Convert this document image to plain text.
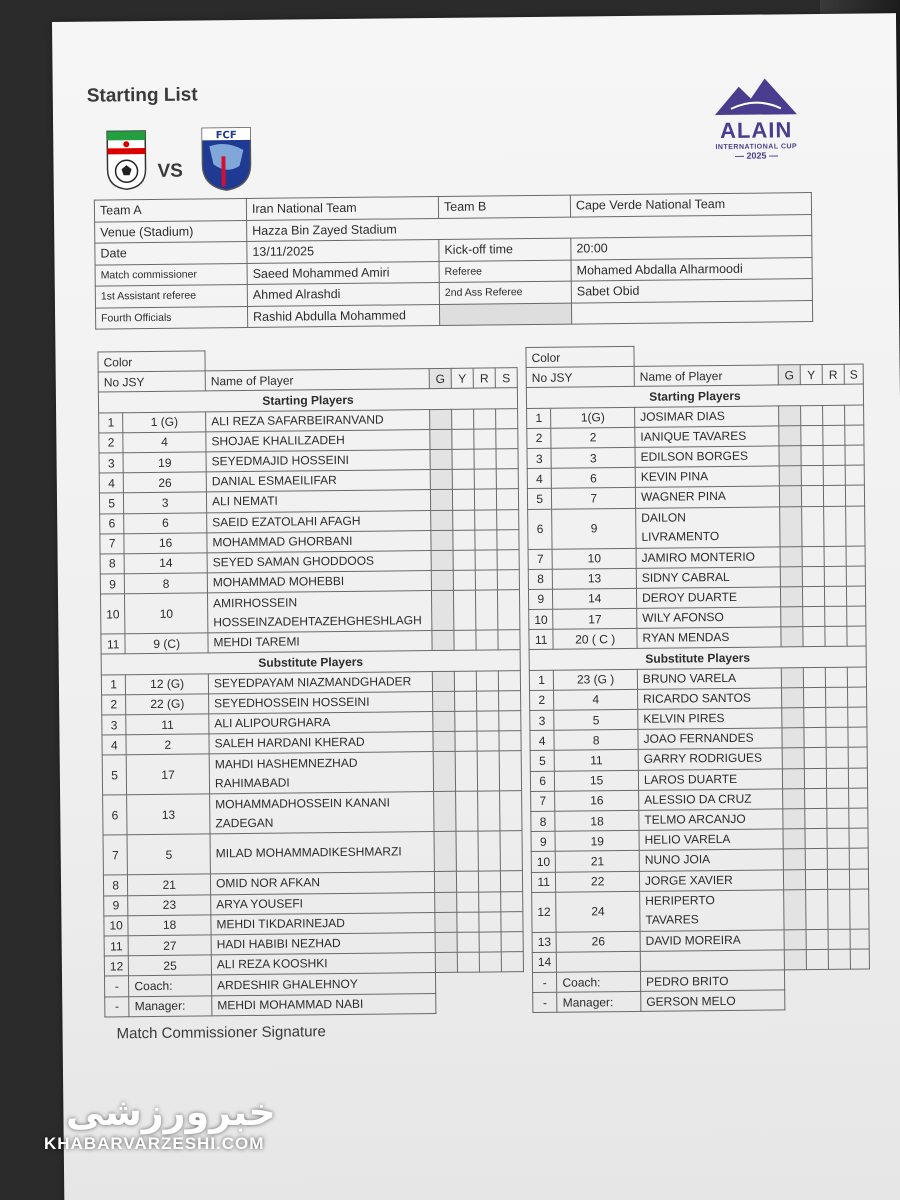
Starting List
VS
FCF	ALAIN
INTERNATIONAL CUP
— 2025 —
Team A	Iran National Team	Team B	Cape Verde National Team
Venue (Stadium)	Hazza Bin Zayed Stadium		
Date	13/11/2025	Kick-off time	20:00
Match commissioner	Saeed Mohammed Amiri	Referee	Mohamed Abdalla Alharmoodi
1st Assistant referee	Ahmed Alrashdi	2nd Ass Referee	Sabet Obid
Fourth Officials	Rashid Abdulla Mohammed		
Color						
No JSY		Name of Player	G	Y	R	S
Starting Players						
1	1 (G)	ALI REZA SAFARBEIRANVAND				

2	4	SHOJAE KHALILZADEH				

3	19	SEYEDMAJID HOSSEINI				

4	26	DANIAL ESMAEILIFAR				

5	3	ALI NEMATI				

6	6	SAEID EZATOLAHI AFAGH				

7	16	MOHAMMAD GHORBANI				

8	14	SEYED SAMAN GHODDOOS				

9	8	MOHAMMAD MOHEBBI				

10	10	AMIRHOSSEIN
HOSSEINZADEHTAZEHGHESHLAGH				

11	9 (C)	MEHDI TAREMI				

Substitute Players						
1	12 (G)	SEYEDPAYAM NIAZMANDGHADER				

2	22 (G)	SEYEDHOSSEIN HOSSEINI				

3	11	ALI ALIPOURGHARA				

4	2	SALEH HARDANI KHERAD				

5	17	MAHDI HASHEMNEZHAD
RAHIMABADI				

6	13	MOHAMMADHOSSEIN KANANI
ZADEGAN				

7	5	MILAD MOHAMMADIKESHMARZI				

8	21	OMID NOR AFKAN				

9	23	ARYA YOUSEFI				

10	18	MEHDI TIKDARINEJAD				

11	27	HADI HABIBI NEZHAD				

12	25	ALI REZA KOOSHKI				

-	Coach:	ARDESHIR GHALEHNOY				
-	Manager:	MEHDI MOHAMMAD NABI				
Color						
No JSY		Name of Player	G	Y	R	S
Starting Players						
1	1(G)	JOSIMAR DIAS				

2	2	IANIQUE TAVARES				

3	3	EDILSON BORGES				

4	6	KEVIN PINA				

5	7	WAGNER PINA				

6	9	DAILON
LIVRAMENTO				

7	10	JAMIRO MONTERIO				

8	13	SIDNY CABRAL				

9	14	DEROY DUARTE				

10	17	WILY AFONSO				

11	20 ( C )	RYAN MENDAS				

Substitute Players						
1	23 (G )	BRUNO VARELA				

2	4	RICARDO SANTOS				

3	5	KELVIN PIRES				

4	8	JOAO FERNANDES				

5	11	GARRY RODRIGUES				

6	15	LAROS DUARTE				

7	16	ALESSIO DA CRUZ				

8	18	TELMO ARCANJO				

9	19	HELIO VARELA				

10	21	NUNO JOIA				

11	22	JORGE XAVIER				

12	24	HERIPERTO
TAVARES				

13	26	DAVID MOREIRA				

14		

-	Coach:	PEDRO BRITO				
-	Manager:	GERSON MELO				
Match Commissioner Signature
خبرورزشی
KHABARVARZESHI.COM
